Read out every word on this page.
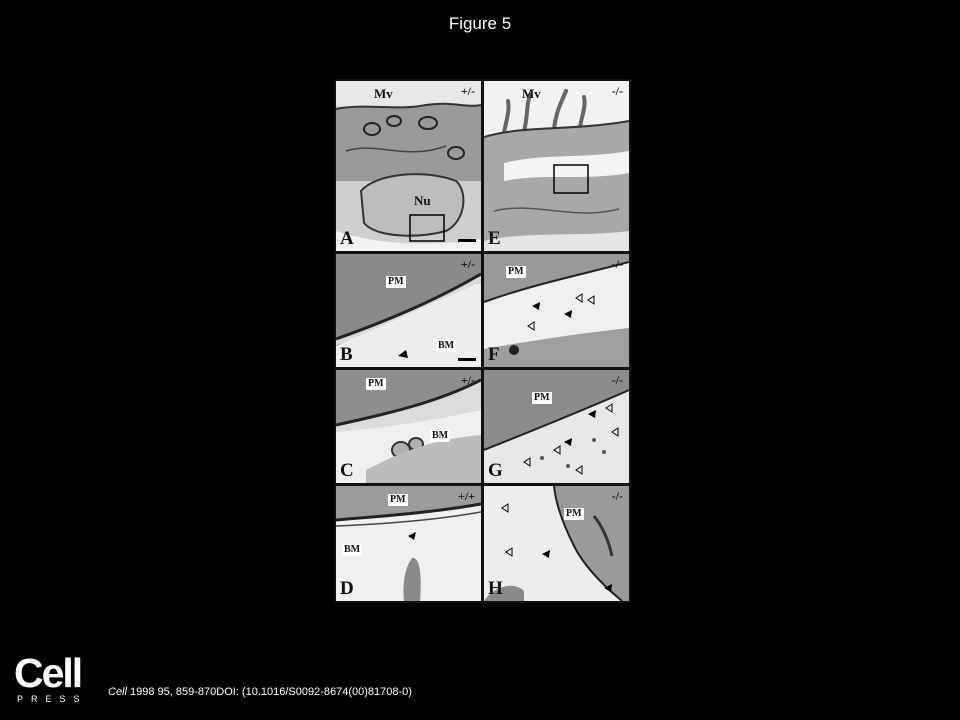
Figure 5
Mv
Nu
+/-
A
PM
BM
+/-
B
PM
BM
+/-
C
PM
BM
+/+
D
Mv	-/-
E
PM
-/-
F
PM
-/-
G
PM
-/-
H
Cell
PRESS
Cell 1998 95, 859-870DOI: (10.1016/S0092-8674(00)81708-0)
